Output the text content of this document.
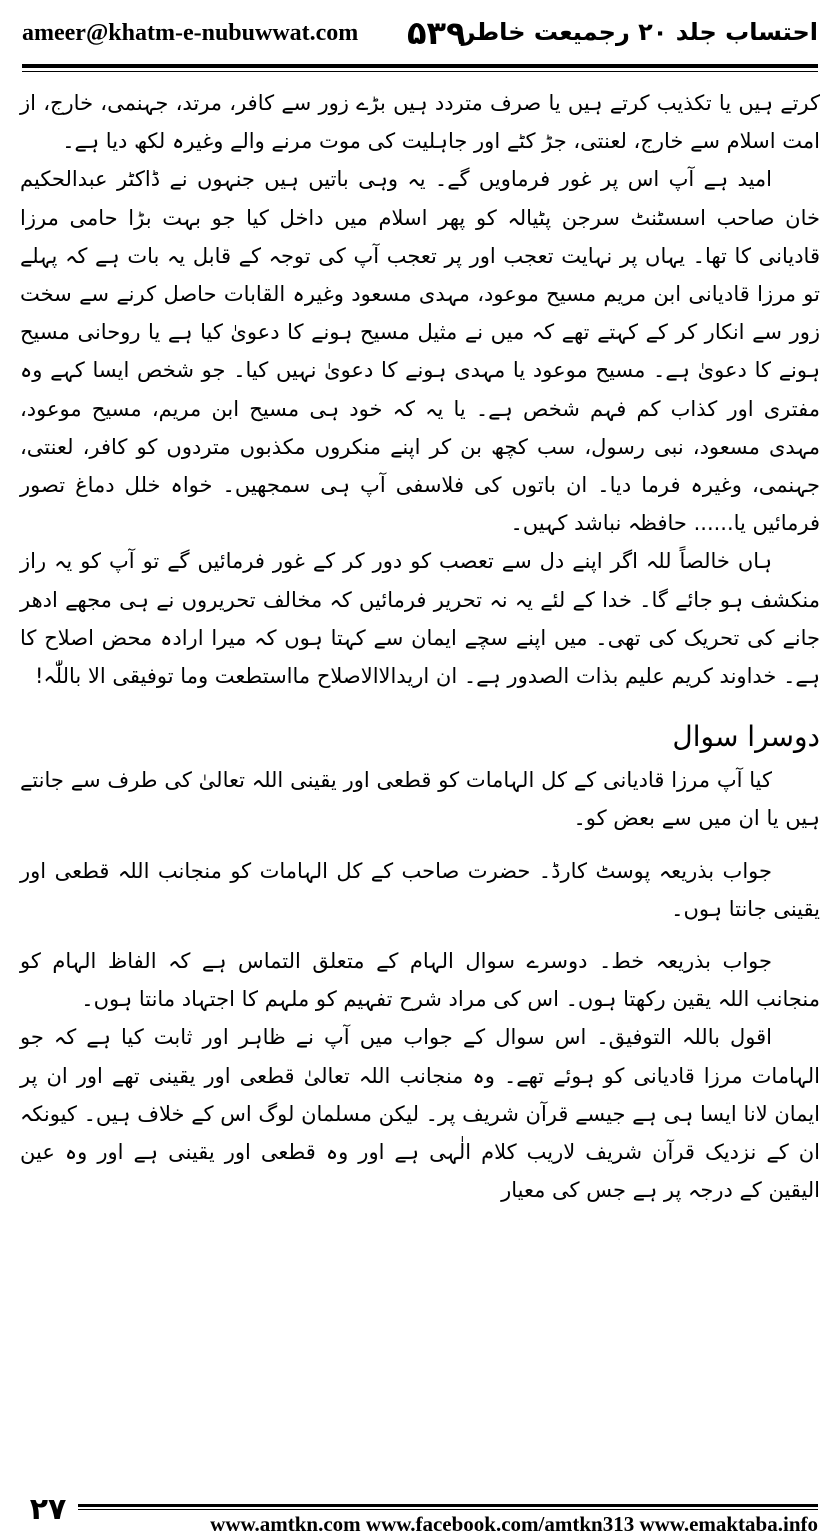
ameer@khatm-e-nubuwwat.com ۵۳۹
احتساب جلد ۲۰ رجمیعت خاطر

کرتے ہیں یا تکذیب کرتے ہیں یا صرف متردد ہیں بڑے زور سے کافر، مرتد، جہنمی، خارج، از امت اسلام سے خارج، لعنتی، جڑ کٹے اور جاہلیت کی موت مرنے والے وغیرہ لکھ دیا ہے۔

امید ہے آپ اس پر غور فرماویں گے۔ یہ وہی باتیں ہیں جنہوں نے ڈاکٹر عبدالحکیم خان صاحب اسسٹنٹ سرجن پٹیالہ کو پھر اسلام میں داخل کیا جو بہت بڑا حامی مرزا قادیانی کا تھا۔ یہاں پر نہایت تعجب اور پر تعجب آپ کی توجہ کے قابل یہ بات ہے کہ پہلے تو مرزا قادیانی ابن مریم مسیح موعود، مہدی مسعود وغیرہ القابات حاصل کرنے سے سخت زور سے انکار کر کے کہتے تھے کہ میں نے مثیل مسیح ہونے کا دعویٰ کیا ہے یا روحانی مسیح ہونے کا دعویٰ ہے۔ مسیح موعود یا مہدی ہونے کا دعویٰ نہیں کیا۔ جو شخص ایسا کہے وہ مفتری اور کذاب کم فہم شخص ہے۔ یا یہ کہ خود ہی مسیح ابن مریم، مسیح موعود، مہدی مسعود، نبی رسول، سب کچھ بن کر اپنے منکروں مکذبوں متردوں کو کافر، لعنتی، جہنمی، وغیرہ فرما دیا۔ ان باتوں کی فلاسفی آپ ہی سمجھیں۔ خواہ خلل دماغ تصور فرمائیں یا...... حافظہ نباشد کہیں۔

ہاں خالصاً للہ اگر اپنے دل سے تعصب کو دور کر کے غور فرمائیں گے تو آپ کو یہ راز منکشف ہو جائے گا۔ خدا کے لئے یہ نہ تحریر فرمائیں کہ مخالف تحریروں نے ہی مجھے ادھر جانے کی تحریک کی تھی۔ میں اپنے سچے ایمان سے کہتا ہوں کہ میرا ارادہ محض اصلاح کا ہے۔ خداوند کریم علیم بذات الصدور ہے۔ ان اریدالاالاصلاح مااستطعت وما توفیقی الا باللّٰہ!

دوسرا سوال

کیا آپ مرزا قادیانی کے کل الہامات کو قطعی اور یقینی اللہ تعالیٰ کی طرف سے جانتے ہیں یا ان میں سے بعض کو۔

جواب بذریعہ پوسٹ کارڈ۔ حضرت صاحب کے کل الہامات کو منجانب اللہ قطعی اور یقینی جانتا ہوں۔

جواب بذریعہ خط۔ دوسرے سوال الہام کے متعلق التماس ہے کہ الفاظ الہام کو منجانب اللہ یقین رکھتا ہوں۔ اس کی مراد شرح تفہیم کو ملہم کا اجتہاد مانتا ہوں۔

اقول باللہ التوفیق۔ اس سوال کے جواب میں آپ نے ظاہر اور ثابت کیا ہے کہ جو الہامات مرزا قادیانی کو ہوئے تھے۔ وہ منجانب اللہ تعالیٰ قطعی اور یقینی تھے اور ان پر ایمان لانا ایسا ہی ہے جیسے قرآن شریف پر۔ لیکن مسلمان لوگ اس کے خلاف ہیں۔ کیونکہ ان کے نزدیک قرآن شریف لاریب کلام الٰہی ہے اور وہ قطعی اور یقینی ہے اور وہ عین الیقین کے درجہ پر ہے جس کی معیار

۲۷	www.amtkn.com www.facebook.com/amtkn313 www.emaktaba.info
